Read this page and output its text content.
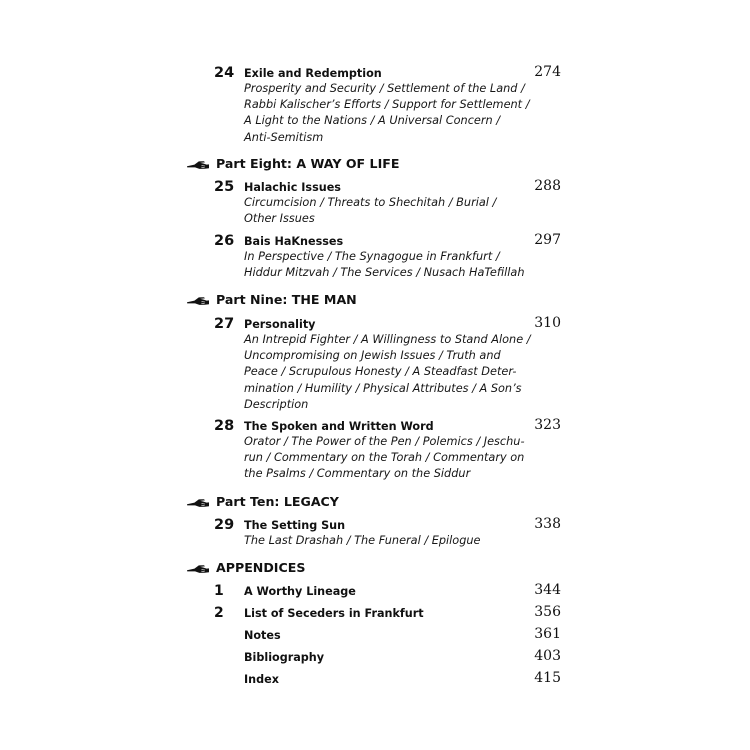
24 Exile and Redemption	274
Prosperity and Security / Settlement of the Land /
Rabbi Kalischer’s Efforts / Support for Settlement /
A Light to the Nations / A Universal Concern /
Anti-Semitism
Part Eight: A WAY OF LIFE
25 Halachic Issues	288
Circumcision / Threats to Shechitah / Burial /
Other Issues
26 Bais HaKnesses	297
In Perspective / The Synagogue in Frankfurt /
Hiddur Mitzvah / The Services / Nusach HaTefillah
Part Nine: THE MAN
27 Personality	310
An Intrepid Fighter / A Willingness to Stand Alone /
Uncompromising on Jewish Issues / Truth and
Peace / Scrupulous Honesty / A Steadfast Deter-
mination / Humility / Physical Attributes / A Son’s
Description
28 The Spoken and Written Word	323
Orator / The Power of the Pen / Polemics / Jeschu-
run / Commentary on the Torah / Commentary on
the Psalms / Commentary on the Siddur
Part Ten: LEGACY
29 The Setting Sun	338
The Last Drashah / The Funeral / Epilogue
APPENDICES
1 A Worthy Lineage	344
2 List of Seceders in Frankfurt	356
Notes	361
Bibliography	403
Index	415
